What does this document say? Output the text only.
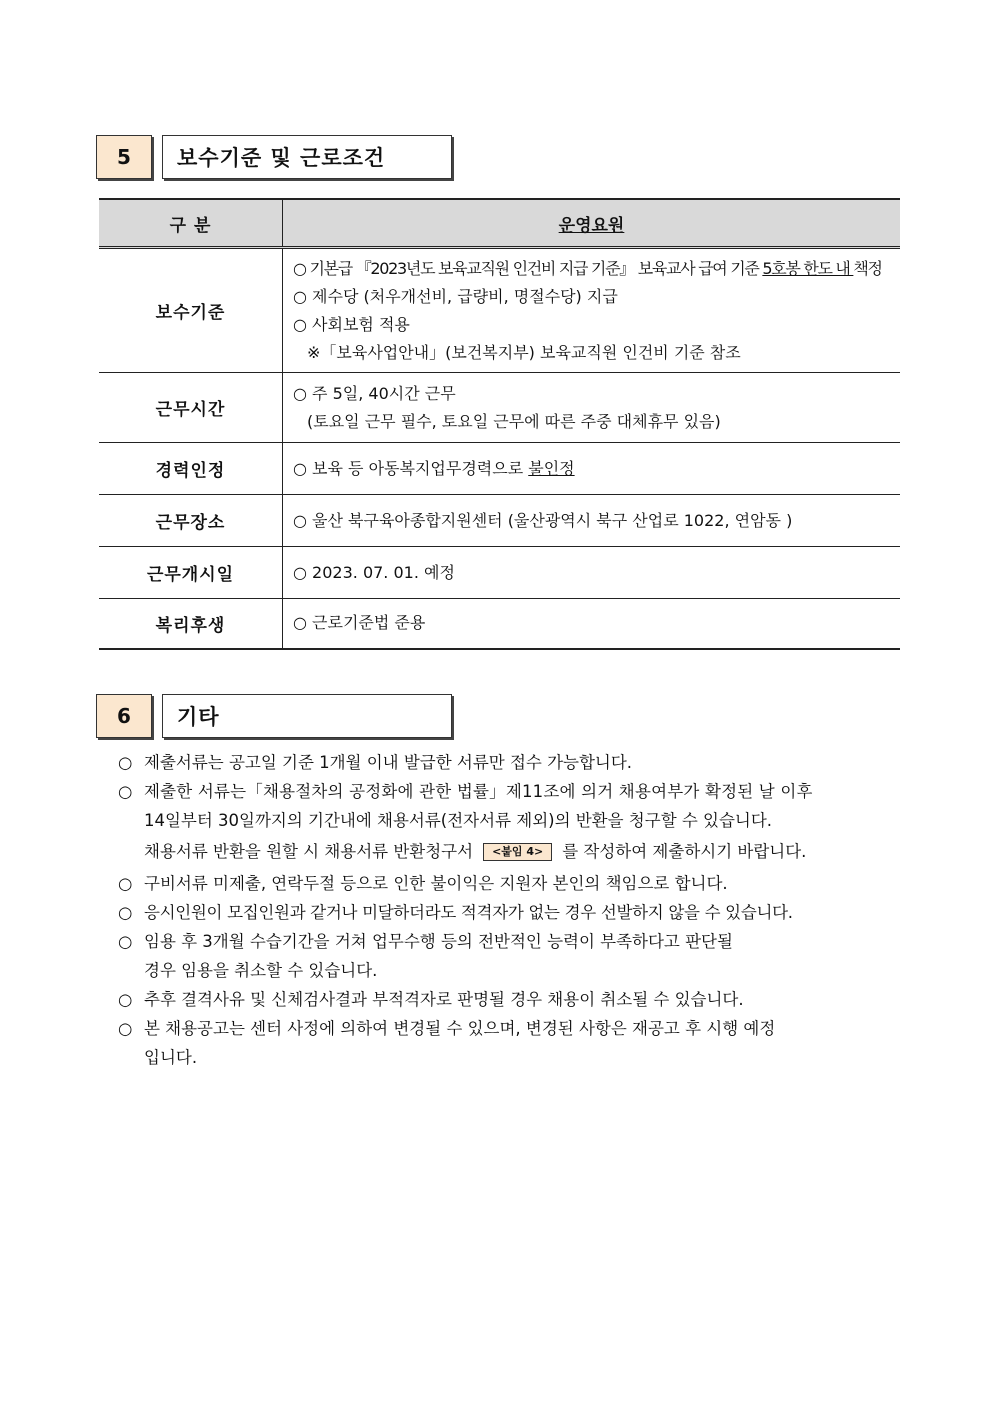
5	보수기준 및 근로조건
구 분	운영요원
보수기준	○ 기본급 『2023년도 보육교직원 인건비 지급 기준』 보육교사 급여 기준 5호봉 한도 내 책정
○ 제수당 (처우개선비, 급량비, 명절수당) 지급
○ 사회보험 적용
※「보육사업안내」(보건복지부) 보육교직원 인건비 기준 참조

근무시간	○ 주 5일, 40시간 근무
(토요일 근무 필수, 토요일 근무에 따른 주중 대체휴무 있음)

경력인정	○ 보육 등 아동복지업무경력으로 불인정
근무장소	○ 울산 북구육아종합지원센터 (울산광역시 북구 산업로 1022, 연암동 )
근무개시일	○ 2023. 07. 01. 예정
복리후생	○ 근로기준법 준용
6	기타
○ 제출서류는 공고일 기준 1개월 이내 발급한 서류만 접수 가능합니다.
○ 제출한 서류는「채용절차의 공정화에 관한 법률」제11조에 의거 채용여부가 확정된 날 이후
14일부터 30일까지의 기간내에 채용서류(전자서류 제외)의 반환을 청구할 수 있습니다.
채용서류 반환을 원할 시 채용서류 반환청구서 <붙임 4> 를 작성하여 제출하시기 바랍니다.
○ 구비서류 미제출, 연락두절 등으로 인한 불이익은 지원자 본인의 책임으로 합니다.
○ 응시인원이 모집인원과 같거나 미달하더라도 적격자가 없는 경우 선발하지 않을 수 있습니다.
○ 임용 후 3개월 수습기간을 거쳐 업무수행 등의 전반적인 능력이 부족하다고 판단될
경우 임용을 취소할 수 있습니다.
○ 추후 결격사유 및 신체검사결과 부적격자로 판명될 경우 채용이 취소될 수 있습니다.
○ 본 채용공고는 센터 사정에 의하여 변경될 수 있으며, 변경된 사항은 재공고 후 시행 예정
입니다.
